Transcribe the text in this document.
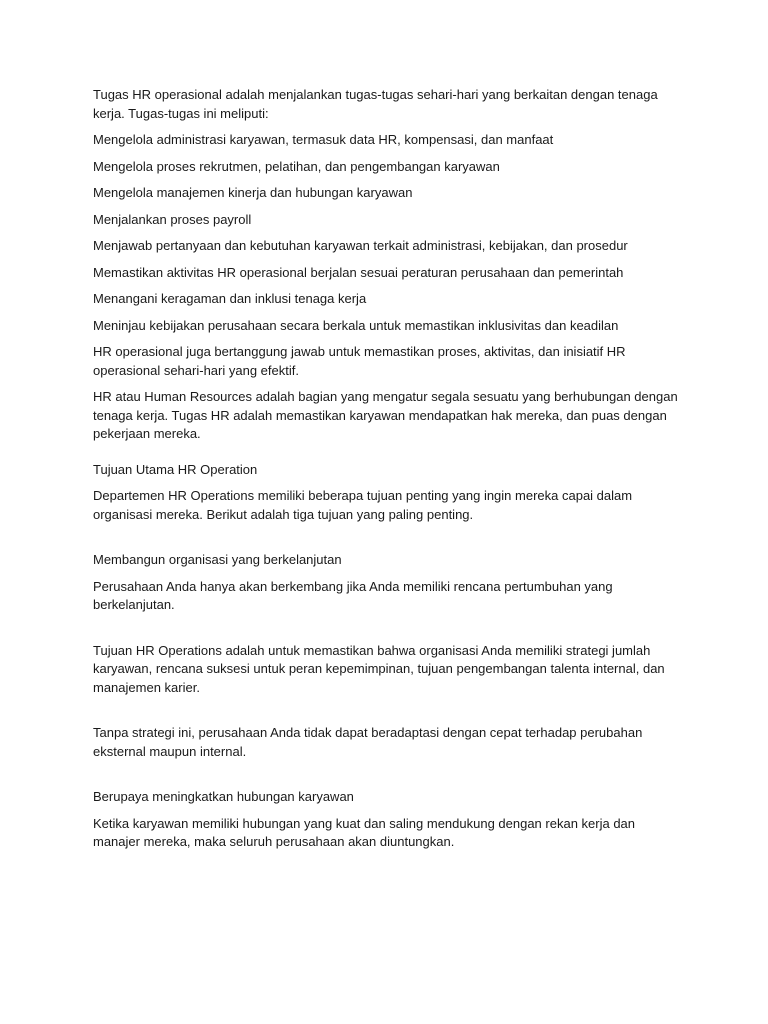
Tugas HR operasional adalah menjalankan tugas-tugas sehari-hari yang berkaitan dengan tenaga kerja. Tugas-tugas ini meliputi:

Mengelola administrasi karyawan, termasuk data HR, kompensasi, dan manfaat

Mengelola proses rekrutmen, pelatihan, dan pengembangan karyawan

Mengelola manajemen kinerja dan hubungan karyawan

Menjalankan proses payroll

Menjawab pertanyaan dan kebutuhan karyawan terkait administrasi, kebijakan, dan prosedur

Memastikan aktivitas HR operasional berjalan sesuai peraturan perusahaan dan pemerintah

Menangani keragaman dan inklusi tenaga kerja

Meninjau kebijakan perusahaan secara berkala untuk memastikan inklusivitas dan keadilan

HR operasional juga bertanggung jawab untuk memastikan proses, aktivitas, dan inisiatif HR operasional sehari-hari yang efektif.

HR atau Human Resources adalah bagian yang mengatur segala sesuatu yang berhubungan dengan tenaga kerja. Tugas HR adalah memastikan karyawan mendapatkan hak mereka, dan puas dengan pekerjaan mereka.

Tujuan Utama HR Operation

Departemen HR Operations memiliki beberapa tujuan penting yang ingin mereka capai dalam organisasi mereka. Berikut adalah tiga tujuan yang paling penting.

Membangun organisasi yang berkelanjutan

Perusahaan Anda hanya akan berkembang jika Anda memiliki rencana pertumbuhan yang berkelanjutan.

Tujuan HR Operations adalah untuk memastikan bahwa organisasi Anda memiliki strategi jumlah karyawan, rencana suksesi untuk peran kepemimpinan, tujuan pengembangan talenta internal, dan manajemen karier.

Tanpa strategi ini, perusahaan Anda tidak dapat beradaptasi dengan cepat terhadap perubahan eksternal maupun internal.

Berupaya meningkatkan hubungan karyawan

Ketika karyawan memiliki hubungan yang kuat dan saling mendukung dengan rekan kerja dan manajer mereka, maka seluruh perusahaan akan diuntungkan.
